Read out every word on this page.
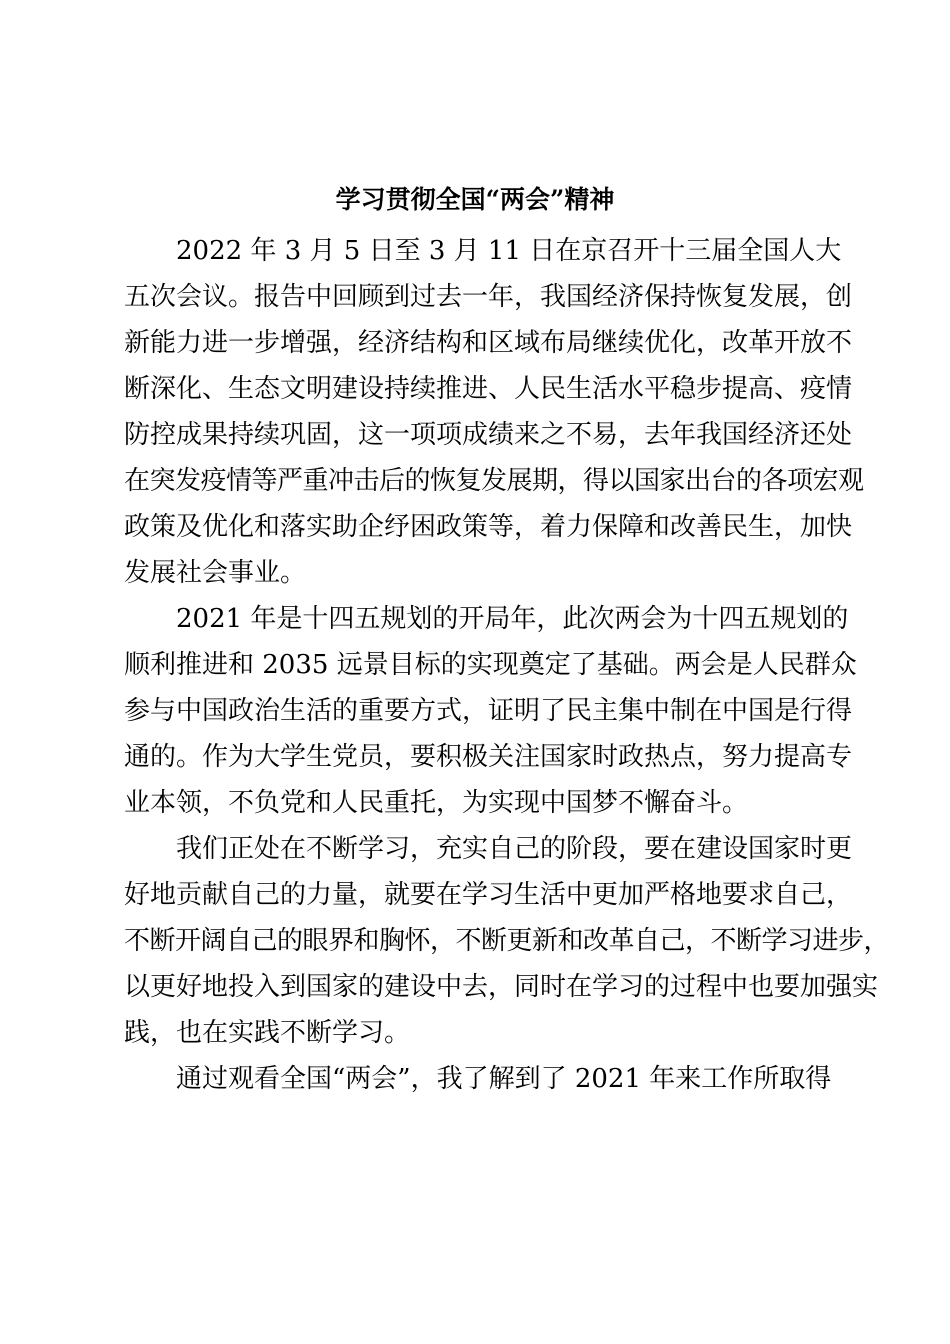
学习贯彻全国“两会”精神
2022 年 3 月 5 日至 3 月 11 日在京召开十三届全国人大
五次会议。报告中回顾到过去一年，我国经济保持恢复发展，创
新能力进一步增强，经济结构和区域布局继续优化，改革开放不
断深化、生态文明建设持续推进、人民生活水平稳步提高、疫情
防控成果持续巩固，这一项项成绩来之不易，去年我国经济还处
在突发疫情等严重冲击后的恢复发展期，得以国家出台的各项宏观
政策及优化和落实助企纾困政策等，着力保障和改善民生，加快
发展社会事业。
2021 年是十四五规划的开局年，此次两会为十四五规划的
顺利推进和 2035 远景目标的实现奠定了基础。两会是人民群众
参与中国政治生活的重要方式，证明了民主集中制在中国是行得
通的。作为大学生党员，要积极关注国家时政热点，努力提高专
业本领，不负党和人民重托，为实现中国梦不懈奋斗。
我们正处在不断学习，充实自己的阶段，要在建设国家时更
好地贡献自己的力量，就要在学习生活中更加严格地要求自己，
不断开阔自己的眼界和胸怀，不断更新和改革自己，不断学习进步，
以更好地投入到国家的建设中去，同时在学习的过程中也要加强实
践，也在实践不断学习。
通过观看全国“两会”，我了解到了 2021 年来工作所取得
